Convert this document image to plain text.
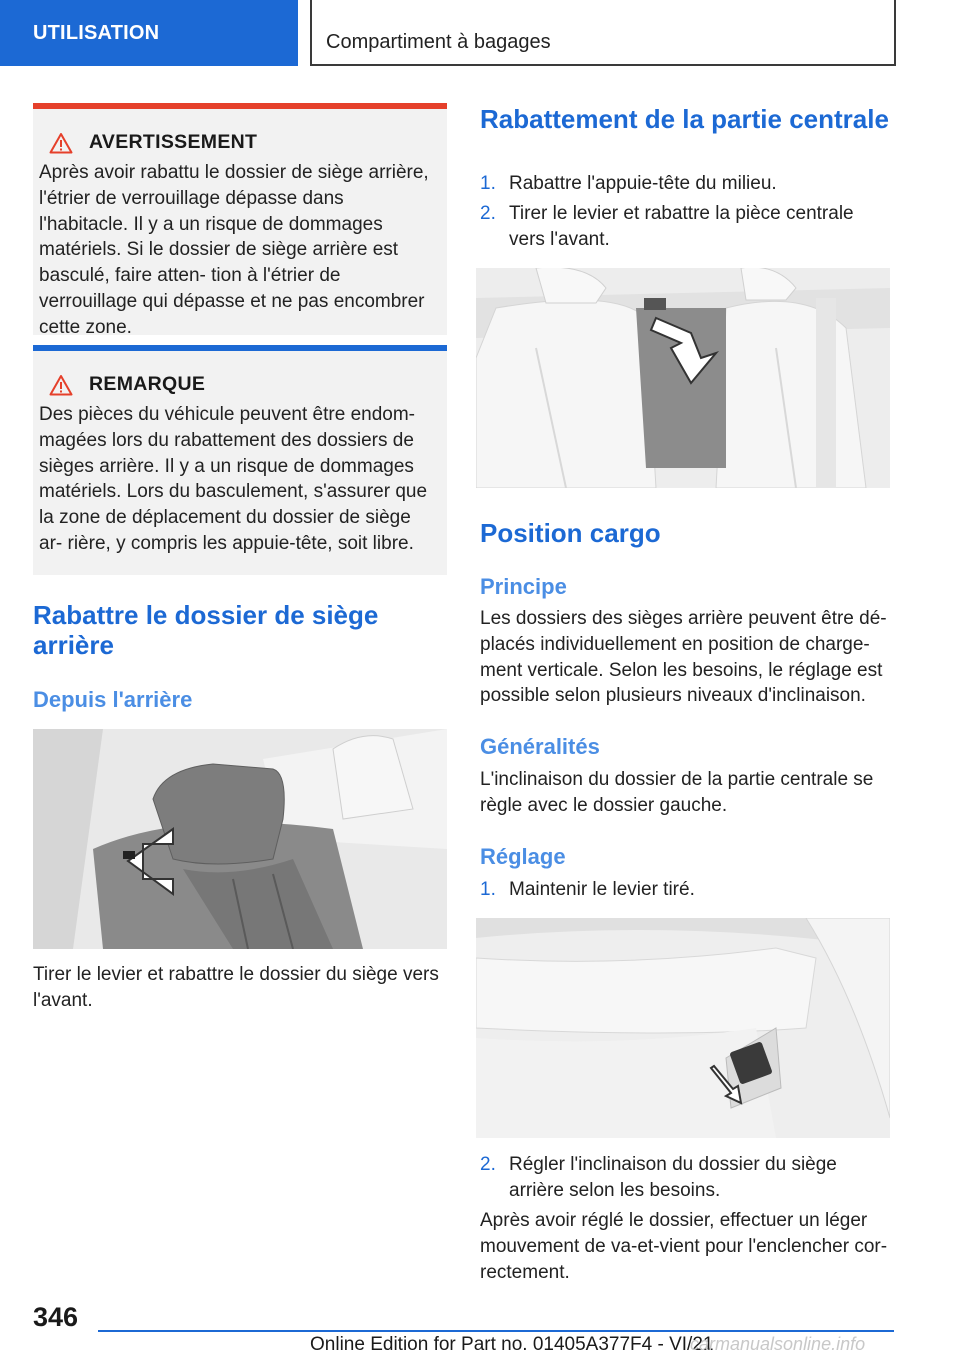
UTILISATION	Compartiment à bagages
AVERTISSEMENT

Après avoir rabattu le dossier de siège arrière, l'étrier de verrouillage dépasse dans l'habitacle. Il y a un risque de dommages matériels. Si le dossier de siège arrière est basculé, faire atten- tion à l'étrier de verrouillage qui dépasse et ne pas encombrer cette zone.

REMARQUE

Des pièces du véhicule peuvent être endom- magées lors du rabattement des dossiers de sièges arrière. Il y a un risque de dommages matériels. Lors du basculement, s'assurer que la zone de déplacement du dossier de siège ar- rière, y compris les appuie-tête, soit libre.

Rabattre le dossier de siège arrière
Depuis l'arrière

Tirer le levier et rabattre le dossier du siège vers l'avant.

Rabattement de la partie centrale
1. Rabattre l'appuie-tête du milieu.
2. Tirer le levier et rabattre la pièce centrale vers l'avant.
Position cargo
Principe

Les dossiers des sièges arrière peuvent être dé- placés individuellement en position de charge- ment verticale. Selon les besoins, le réglage est possible selon plusieurs niveaux d'inclinaison.

Généralités

L'inclinaison du dossier de la partie centrale se règle avec le dossier gauche.

Réglage
1. Maintenir le levier tiré.
2. Régler l'inclinaison du dossier du siège arrière selon les besoins.

Après avoir réglé le dossier, effectuer un léger mouvement de va-et-vient pour l'enclencher cor- rectement.

346
Online Edition for Part no. 01405A377F4 - VI/21
carmanualsonline.info
